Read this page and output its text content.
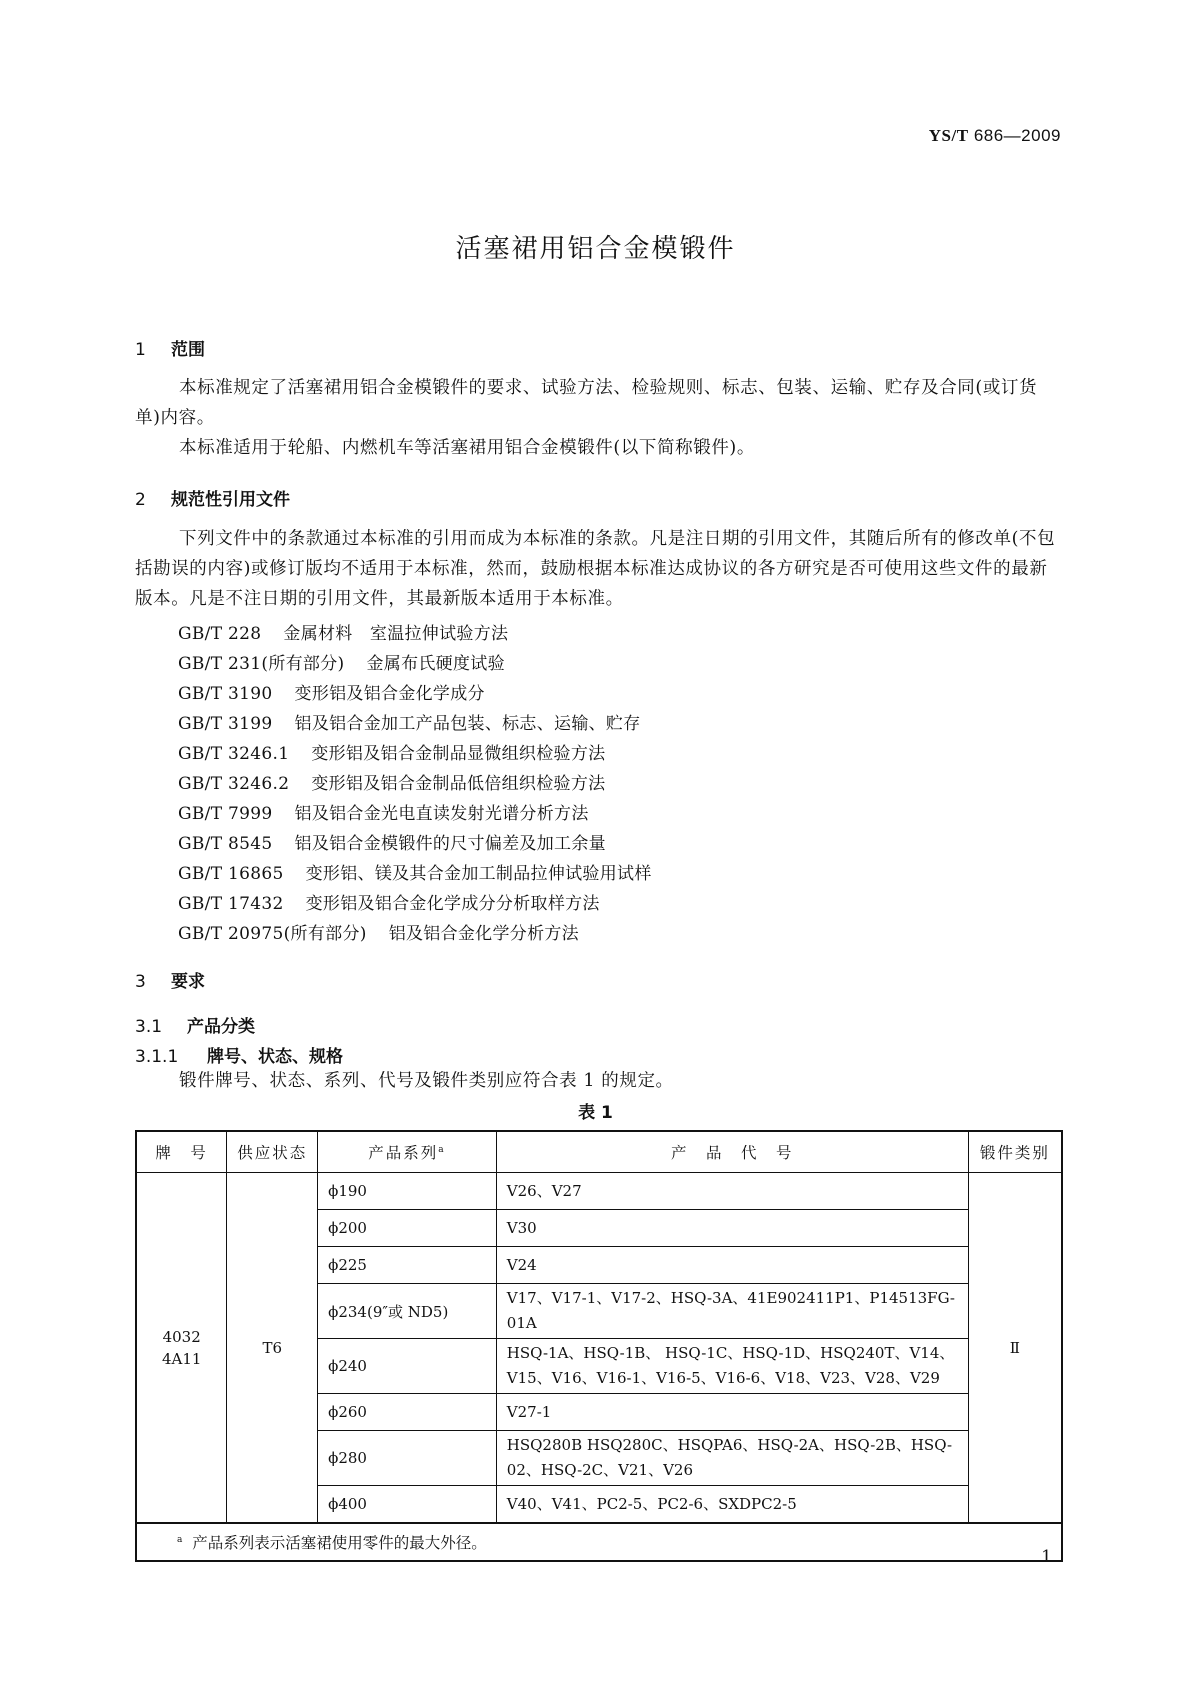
YS/T 686—2009
活塞裙用铝合金模锻件
1 范围
本标准规定了活塞裙用铝合金模锻件的要求、试验方法、检验规则、标志、包装、运输、贮存及合同(或订货单)内容。
本标准适用于轮船、内燃机车等活塞裙用铝合金模锻件(以下简称锻件)。
2 规范性引用文件
下列文件中的条款通过本标准的引用而成为本标准的条款。凡是注日期的引用文件，其随后所有的修改单(不包括勘误的内容)或修订版均不适用于本标准，然而，鼓励根据本标准达成协议的各方研究是否可使用这些文件的最新版本。凡是不注日期的引用文件，其最新版本适用于本标准。
GB/T 228 金属材料　室温拉伸试验方法
GB/T 231(所有部分) 金属布氏硬度试验
GB/T 3190 变形铝及铝合金化学成分
GB/T 3199 铝及铝合金加工产品包装、标志、运输、贮存
GB/T 3246.1 变形铝及铝合金制品显微组织检验方法
GB/T 3246.2 变形铝及铝合金制品低倍组织检验方法
GB/T 7999 铝及铝合金光电直读发射光谱分析方法
GB/T 8545 铝及铝合金模锻件的尺寸偏差及加工余量
GB/T 16865 变形铝、镁及其合金加工制品拉伸试验用试样
GB/T 17432 变形铝及铝合金化学成分分析取样方法
GB/T 20975(所有部分) 铝及铝合金化学分析方法
3 要求
3.1 产品分类
3.1.1 牌号、状态、规格
锻件牌号、状态、系列、代号及锻件类别应符合表 1 的规定。
表 1
牌　号	供应状态	产品系列$^a$	产　品　代　号	锻件类别

4032
4A11	T6	ϕ190	V26、V27	Ⅱ
		ϕ200	V30	
		ϕ225	V24	
		ϕ234(9″或 ND5)	V17、V17-1、V17-2、HSQ-3A、41E902411P1、P14513FG-01A	
		ϕ240	HSQ-1A、HSQ-1B、 HSQ-1C、HSQ-1D、HSQ240T、V14、V15、V16、V16-1、V16-5、V16-6、V18、V23、V28、V29	
		ϕ260	V27-1	
		ϕ280	HSQ280B HSQ280C、HSQPA6、HSQ-2A、HSQ-2B、HSQ-02、HSQ-2C、V21、V26	
		ϕ400	V40、V41、PC2-5、PC2-6、SXDPC2-5	
$^a$ 产品系列表示活塞裙使用零件的最大外径。				
1
